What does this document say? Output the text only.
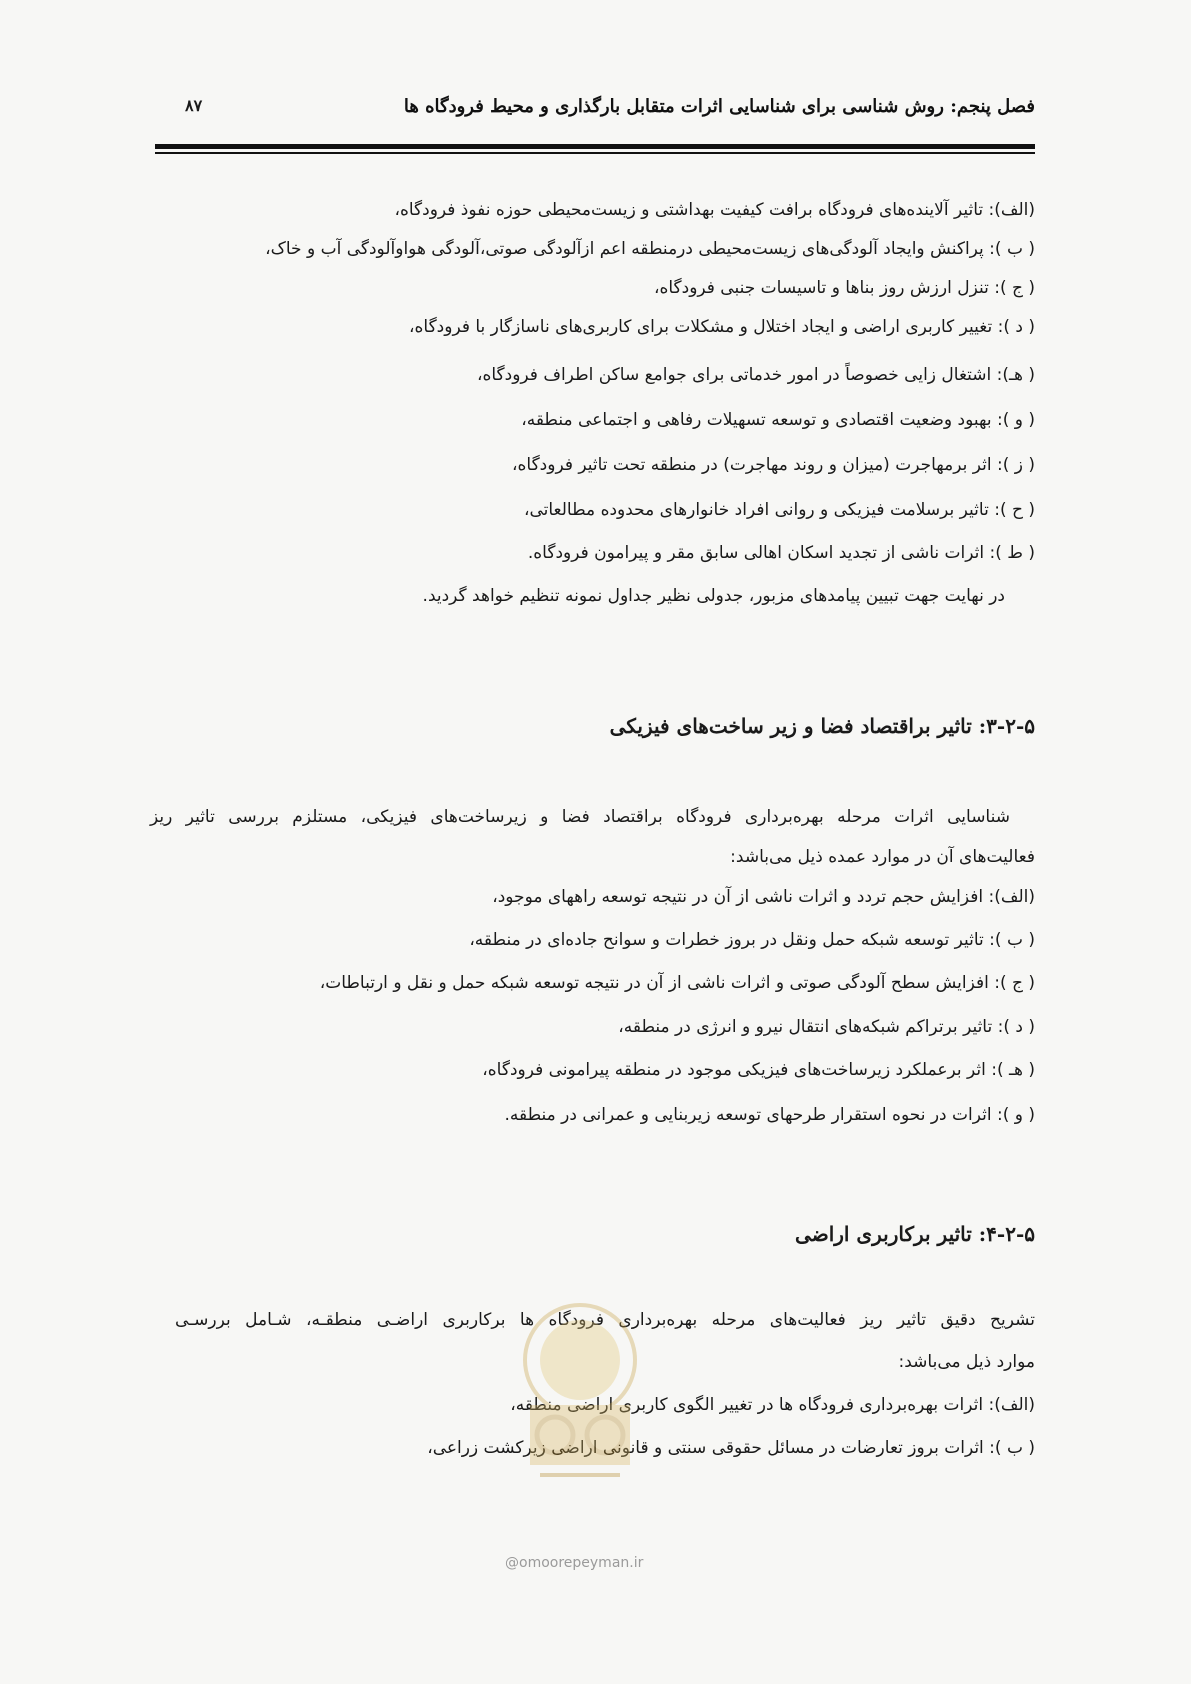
فصل پنجم: روش شناسی برای شناسایی اثرات متقابل بارگذاری و محیط فرودگاه ها
۸۷
(الف): تاثیر آلاینده‌های فرودگاه برافت کیفیت بهداشتی و زیست‌محیطی حوزه نفوذ فرودگاه،
( ب ): پراکنش وایجاد آلودگی‌های زیست‌محیطی درمنطقه اعم ازآلودگی صوتی،آلودگی هواوآلودگی آب و خاک،
( ج ): تنزل ارزش روز بناها و تاسیسات جنبی فرودگاه،
( د ): تغییر کاربری اراضی و ایجاد اختلال و مشکلات برای کاربری‌های ناسازگار با فرودگاه،
( هـ): اشتغال زایی خصوصاً در امور خدماتی برای جوامع ساکن اطراف فرودگاه،
( و ): بهبود وضعیت اقتصادی و توسعه تسهیلات رفاهی و اجتماعی منطقه،
( ز ): اثر برمهاجرت (میزان و روند مهاجرت) در منطقه تحت تاثیر فرودگاه،
( ح ): تاثیر برسلامت فیزیکی و روانی افراد خانوارهای محدوده مطالعاتی،
( ط ): اثرات ناشی از تجدید اسکان اهالی سابق مقر و پیرامون فرودگاه.
در نهایت جهت تبیین پیامدهای مزبور، جدولی نظیر جداول نمونه تنظیم خواهد گردید.
۳-۲-۵: تاثیر براقتصاد فضا و زیر ساخت‌های فیزیکی
شناسایی اثرات مرحله بهره‌برداری فرودگاه براقتصاد فضا و زیرساخت‌های فیزیکی، مستلزم بررسی تاثیر ریز
فعالیت‌های آن در موارد عمده ذیل می‌باشد:
(الف): افزایش حجم تردد و اثرات ناشی از آن در نتیجه توسعه راههای موجود،
( ب ): تاثیر توسعه شبکه حمل ونقل در بروز خطرات و سوانح جاده‌ای در منطقه،
( ج ): افزایش سطح آلودگی صوتی و اثرات ناشی از آن در نتیجه توسعه شبکه حمل و نقل و ارتباطات،
( د ): تاثیر برتراکم شبکه‌های انتقال نیرو و انرژی در منطقه،
( هـ ): اثر برعملکرد زیرساخت‌های فیزیکی موجود در منطقه پیرامونی فرودگاه،
( و ): اثرات در نحوه استقرار طرحهای توسعه زیربنایی و عمرانی در منطقه.
۴-۲-۵: تاثیر برکاربری اراضی
تشریح دقیق تاثیر ریز فعالیت‌های مرحله بهره‌برداری فرودگاه ها برکاربری اراضـی منطقـه، شـامل بررسـی
موارد ذیل می‌باشد:
(الف): اثرات بهره‌برداری فرودگاه ها در تغییر الگوی کاربری اراضی منطقه،
( ب ): اثرات بروز تعارضات در مسائل حقوقی سنتی و قانونی اراضی زیرکشت زراعی،
@omoorepeyman.ir
